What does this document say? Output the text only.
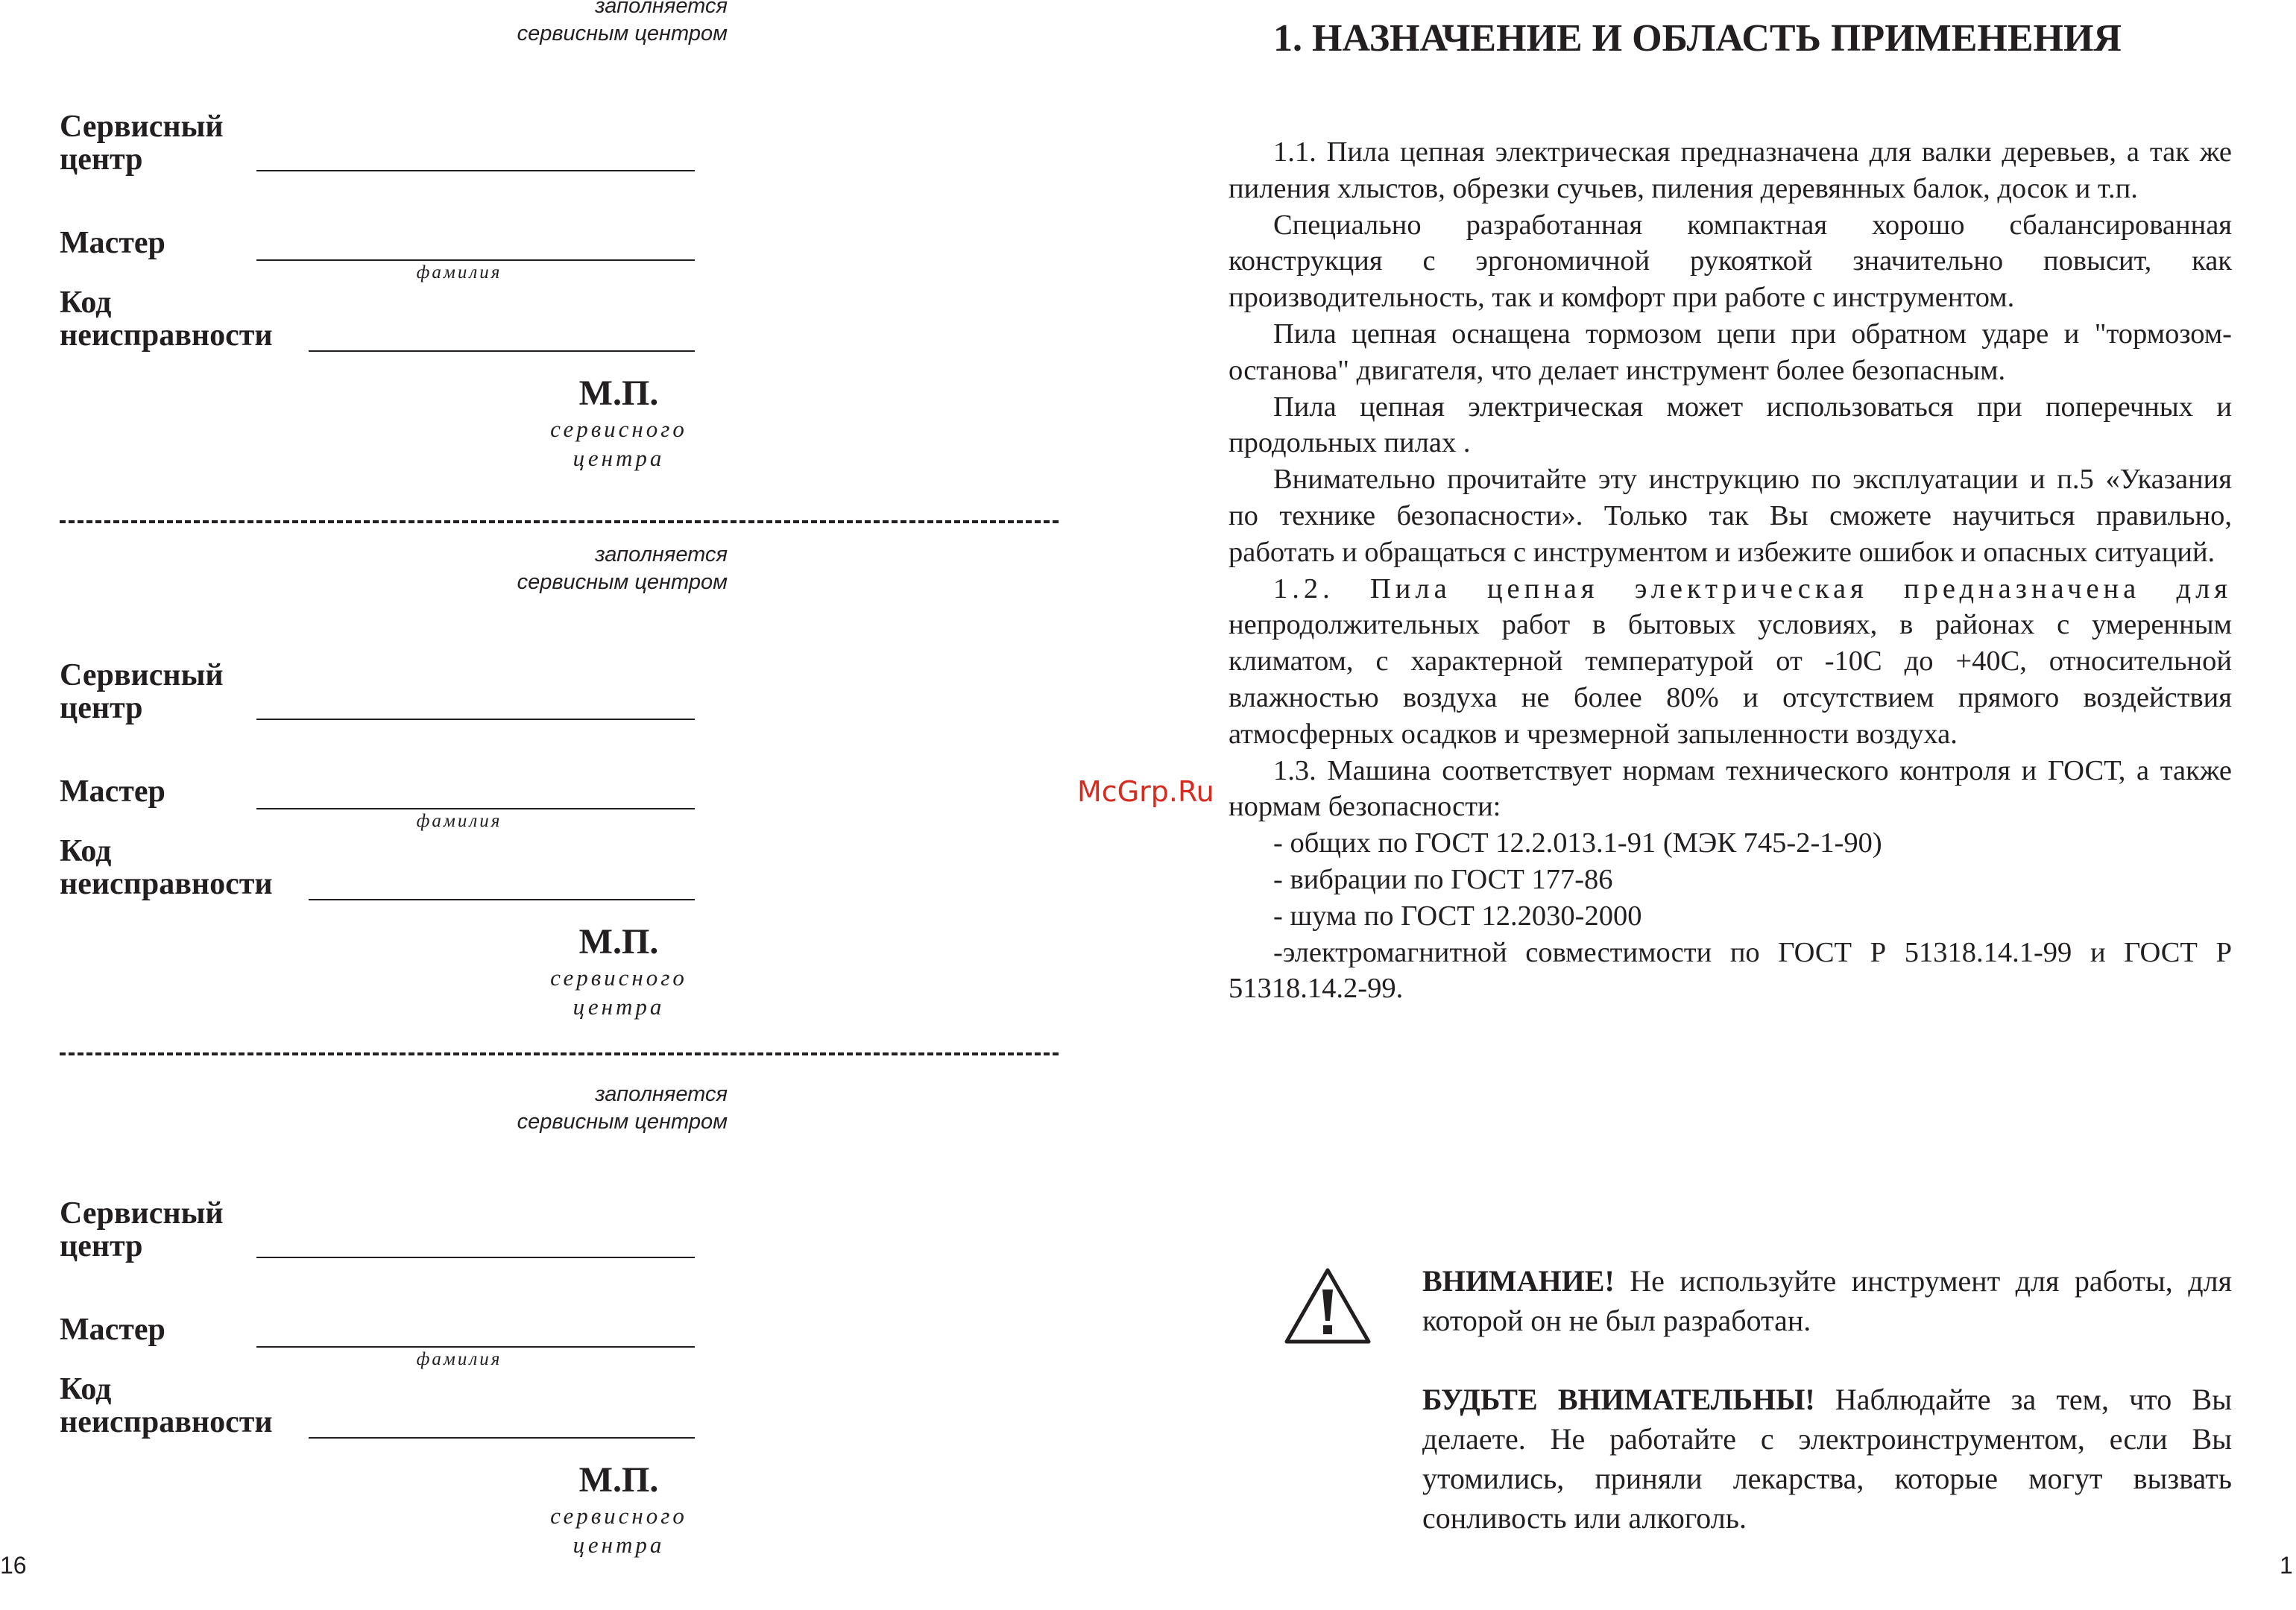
заполняется
сервисным центром
Сервисный
центр
Мастер
фамилия
Код
неисправности
М.П.
сервисного
центра
заполняется
сервисным центром
Сервисный
центр
Мастер
фамилия
Код
неисправности
М.П.
сервисного
центра
заполняется
сервисным центром
Сервисный
центр
Мастер
фамилия
Код
неисправности
М.П.
сервисного
центра
16
1. НАЗНАЧЕНИЕ И ОБЛАСТЬ ПРИМЕНЕНИЯ

1.1. Пила цепная электрическая предназначена для валки деревьев, а так же пиления хлыстов, обрезки сучьев, пиления деревянных балок, досок и т.п.

Специально разработанная компактная хорошо сбалансированная конструкция с эргономичной рукояткой значительно повысит, как производительность, так и комфорт при работе с инструментом.

Пила цепная оснащена тормозом цепи при обратном ударе и "тормозом-останова" двигателя, что делает инструмент более безопасным.

Пила цепная электрическая может использоваться при поперечных и продольных пилах .

Внимательно прочитайте эту инструкцию по эксплуатации и п.5 «Указания по технике безопасности». Только так Вы сможете научиться правильно, работать и обращаться с инструментом и избежите ошибок и опасных ситуаций.

1.2. Пила цепная электрическая предназначена для

непродолжительных работ в бытовых условиях, в районах с умеренным климатом, с характерной температурой от -10С до +40С, относительной влажностью воздуха не более 80% и отсутствием прямого воздействия атмосферных осадков и чрезмерной запыленности воздуха.

1.3. Машина соответствует нормам технического контроля и ГОСТ, а также нормам безопасности:

- общих по ГОСТ 12.2.013.1-91 (МЭК 745-2-1-90)

- вибрации по ГОСТ 177-86

- шума по ГОСТ 12.2030-2000

-электромагнитной совместимости по ГОСТ Р 51318.14.1-99 и ГОСТ Р 51318.14.2-99.

ВНИМАНИЕ! Не используйте инструмент для работы, для которой он не был разработан.

БУДЬТЕ ВНИМАТЕЛЬНЫ! Наблюдайте за тем, что Вы делаете. Не работайте с электроинструментом, если Вы утомились, приняли лекарства, которые могут вызвать сонливость или алкоголь.

1
McGrp.Ru
